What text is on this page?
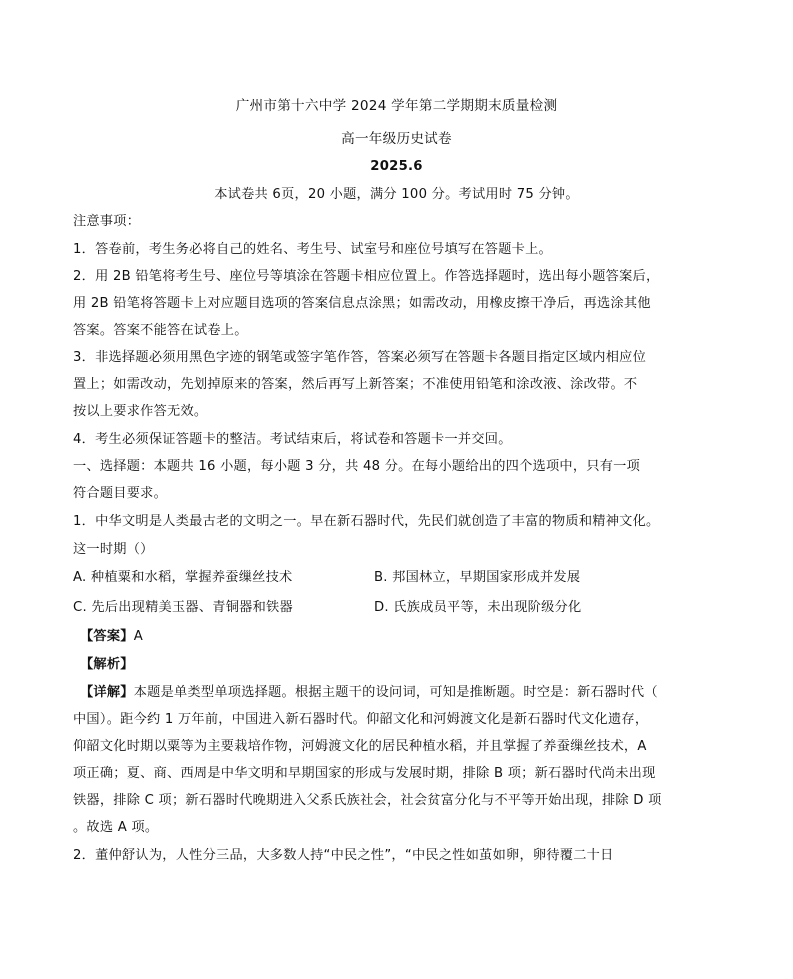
广州市第十六中学 2024 学年第二学期期末质量检测
高一年级历史试卷
2025.6
本试卷共 6页，20 小题，满分 100 分。考试用时 75 分钟。
注意事项：
1．答卷前，考生务必将自己的姓名、考生号、试室号和座位号填写在答题卡上。
2．用 2B 铅笔将考生号、座位号等填涂在答题卡相应位置上。作答选择题时，选出每小题答案后，
用 2B 铅笔将答题卡上对应题目选项的答案信息点涂黑；如需改动，用橡皮擦干净后，再选涂其他
答案。答案不能答在试卷上。
3．非选择题必须用黑色字迹的钢笔或签字笔作答，答案必须写在答题卡各题目指定区域内相应位
置上；如需改动，先划掉原来的答案，然后再写上新答案；不准使用铅笔和涂改液、涂改带。不
按以上要求作答无效。
4．考生必须保证答题卡的整洁。考试结束后，将试卷和答题卡一并交回。
一、选择题：本题共 16 小题，每小题 3 分，共 48 分。在每小题给出的四个选项中，只有一项
符合题目要求。
1．中华文明是人类最古老的文明之一。早在新石器时代，先民们就创造了丰富的物质和精神文化。
这一时期（）
A. 种植粟和水稻，掌握养蚕缫丝技术	B. 邦国林立，早期国家形成并发展
C. 先后出现精美玉器、青铜器和铁器	D. 氏族成员平等，未出现阶级分化
【答案】A
【解析】
【详解】本题是单类型单项选择题。根据主题干的设问词，可知是推断题。时空是：新石器时代（
中国）。距今约 1 万年前，中国进入新石器时代。仰韶文化和河姆渡文化是新石器时代文化遗存，
仰韶文化时期以粟等为主要栽培作物，河姆渡文化的居民种植水稻，并且掌握了养蚕缫丝技术，A
项正确；夏、商、西周是中华文明和早期国家的形成与发展时期，排除 B 项；新石器时代尚未出现
铁器，排除 C 项；新石器时代晚期进入父系氏族社会，社会贫富分化与不平等开始出现，排除 D 项
。故选 A 项。
2．董仲舒认为，人性分三品，大多数人持“中民之性”，“中民之性如茧如卵，卵待覆二十日
